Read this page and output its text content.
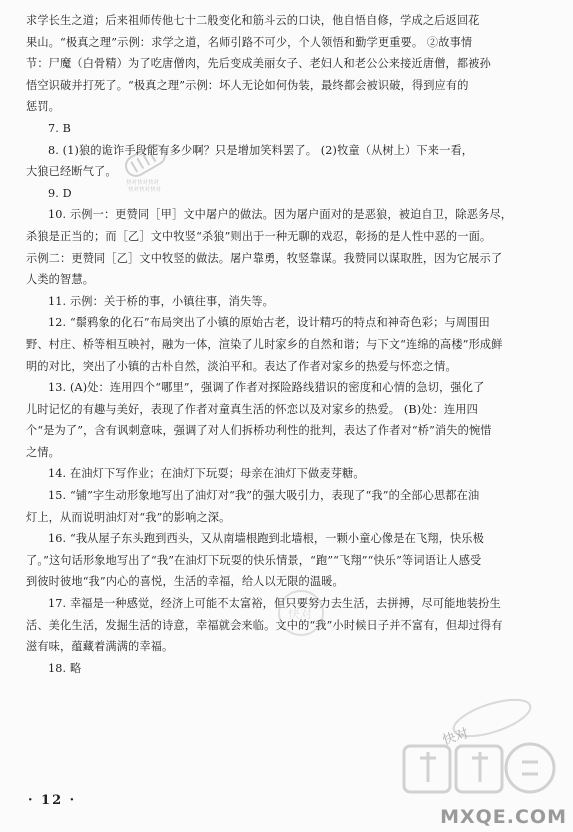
求学长生之道；后来祖师传他七十二般变化和筋斗云的口诀，他自悟自修，学成之后返回花

果山。“极真之理”示例：求学之道，名师引路不可少，个人领悟和勤学更重要。 ②故事情

节：尸魔（白骨精）为了吃唐僧肉，先后变成美丽女子、老妇人和老公公来接近唐僧，都被孙

悟空识破并打死了。“极真之理”示例：坏人无论如何伪装，最终都会被识破，得到应有的

惩罚。

7. B

8. (1)狼的诡诈手段能有多少啊？只是增加笑料罢了。 (2)牧童（从树上）下来一看，

大狼已经断气了。

9. D

10. 示例一：更赞同［甲］文中屠户的做法。因为屠户面对的是恶狼，被迫自卫，除恶务尽，

杀狼是正当的；而［乙］文中牧竖“杀狼”则出于一种无聊的戏忍，彰扬的是人性中恶的一面。

示例二：更赞同［乙］文中牧竖的做法。屠户靠勇，牧竖靠谋。我赞同以谋取胜，因为它展示了

人类的智慧。

11. 示例：关于桥的事，小镇往事，消失等。

12. “鬃鸦象的化石”布局突出了小镇的原始古老，设计精巧的特点和神奇色彩；与周围田

野、村庄、桥等相互映衬，融为一体，渲染了儿时家乡的自然和谐；与下文“连绵的高楼”形成鲜

明的对比，突出了小镇的古朴自然，淡泊平和。表达了作者对家乡的热爱与怀恋之情。

13. (A)处：连用四个“哪里”，强调了作者对探险路线猎识的密度和心情的急切，强化了

儿时记忆的有趣与美好，表现了作者对童真生活的怀恋以及对家乡的热爱。 (B)处：连用四

个“是为了”，含有讽刺意味，强调了对人们拆桥功利性的批判，表达了作者对“桥”消失的惋惜

之情。

14. 在油灯下写作业；在油灯下玩耍；母亲在油灯下做麦芽糖。

15. “铺”字生动形象地写出了油灯对“我”的强大吸引力，表现了“我”的全部心思都在油

灯上，从而说明油灯对“我”的影响之深。

16. “我从屋子东头跑到西头，又从南墙根跑到北墙根，一颗小童心像是在飞翔，快乐极

了。”这句话形象地写出了“我”在油灯下玩耍的快乐情景，“跑”“飞翔”“快乐”等词语让人感受

到彼时彼地“我”内心的喜悦，生活的幸福，给人以无限的温暖。

17. 幸福是一种感觉，经济上可能不太富裕，但只要努力去生活，去拼搏，尽可能地装扮生

活、美化生活，发掘生活的诗意，幸福就会来临。文中的“我”小时候日子并不富有，但却过得有

滋有味，蕴藏着满满的幸福。

18. 略

快对快对快对
快对快对快对
快对
快对
MXQE.COM
· 12 ·
